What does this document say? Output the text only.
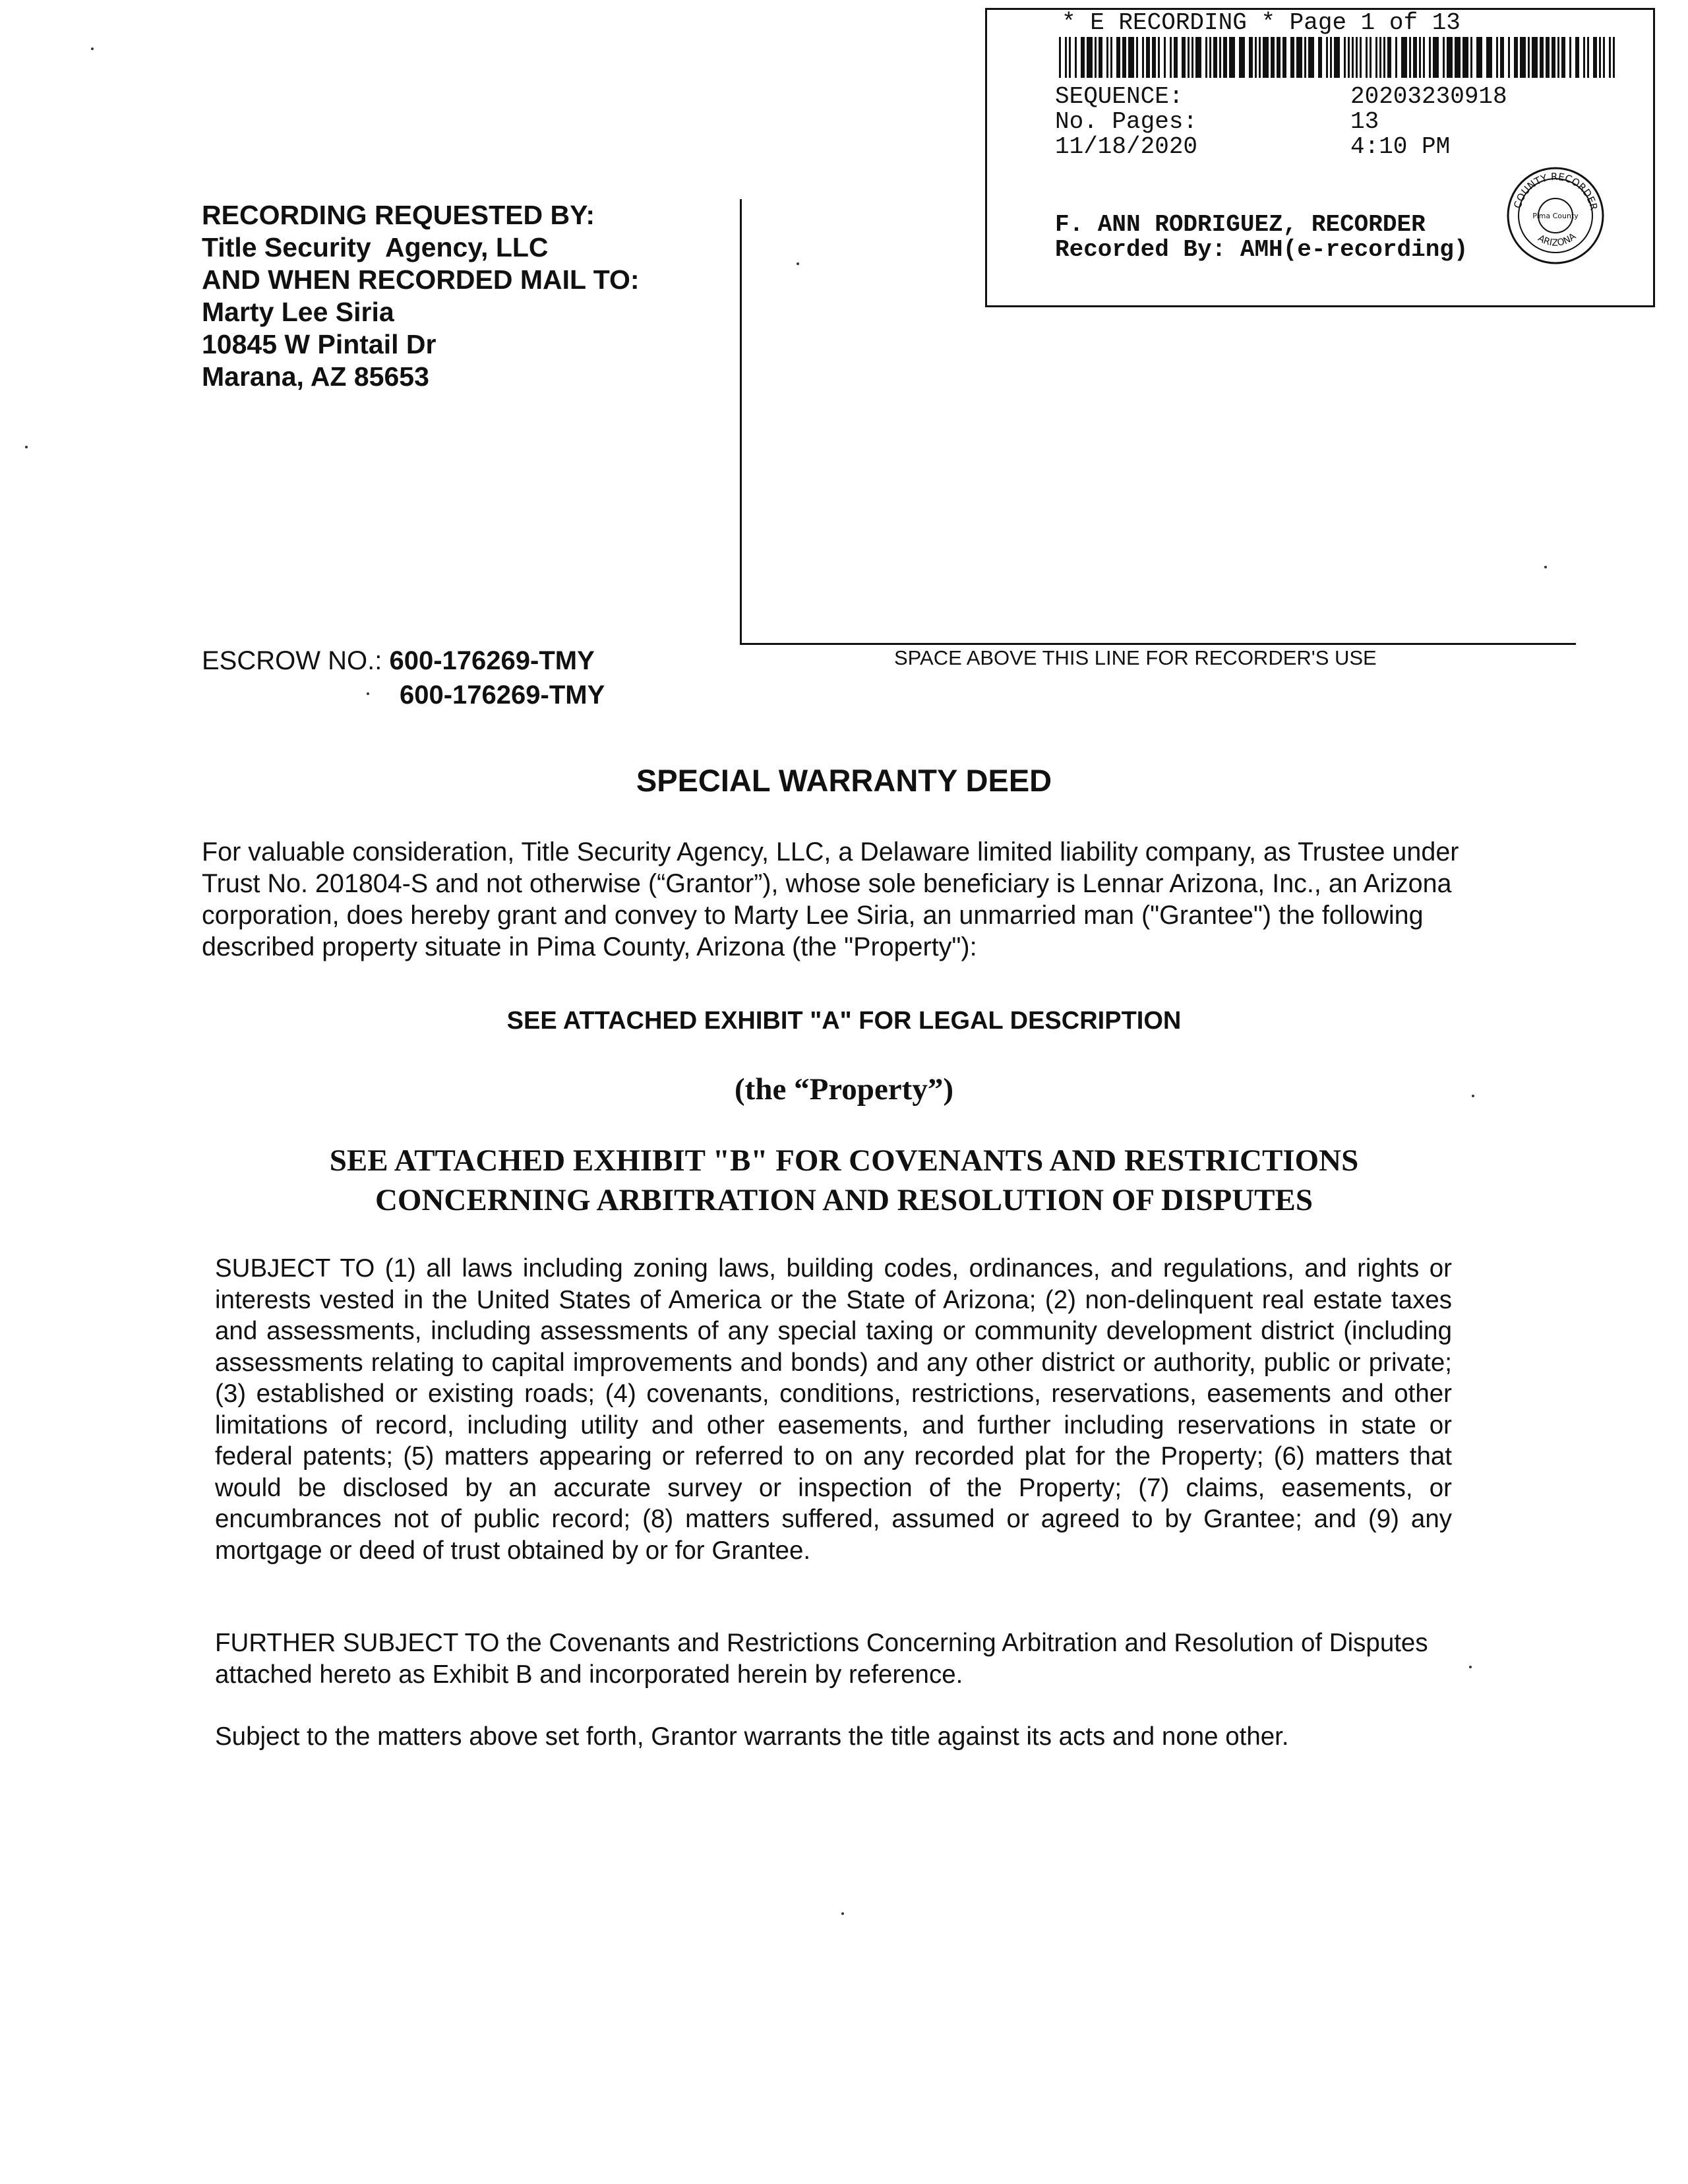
* E RECORDING * Page 1 of 13
SEQUENCE:	20203230918
No. Pages:	13
11/18/2020	4:10 PM
F. ANN RODRIGUEZ, RECORDER
Recorded By: AMH(e-recording)
COUNTY RECORDER
ARIZONA
Pima County
RECORDING REQUESTED BY:
Title Security  Agency, LLC
AND WHEN RECORDED MAIL TO:
Marty Lee Siria
10845 W Pintail Dr
Marana, AZ 85653
ESCROW NO.: 600-176269-TMY
600-176269-TMY
SPACE ABOVE THIS LINE FOR RECORDER'S USE
SPECIAL WARRANTY DEED
For valuable consideration, Title Security Agency, LLC, a Delaware limited liability company, as Trustee under Trust No. 201804-S and not otherwise (“Grantor”), whose sole beneficiary is Lennar Arizona, Inc., an Arizona corporation, does hereby grant and convey to Marty Lee Siria, an unmarried man ("Grantee") the following described property situate in Pima County, Arizona (the "Property"):
SEE ATTACHED EXHIBIT "A" FOR LEGAL DESCRIPTION
(the “Property”)
SEE ATTACHED EXHIBIT "B" FOR COVENANTS AND RESTRICTIONS
CONCERNING ARBITRATION AND RESOLUTION OF DISPUTES
SUBJECT TO (1) all laws including zoning laws, building codes, ordinances, and regulations, and rights or interests vested in the United States of America or the State of Arizona; (2) non-delinquent real estate taxes and assessments, including assessments of any special taxing or community development district (including assessments relating to capital improvements and bonds) and any other district or authority, public or private; (3) established or existing roads; (4) covenants, conditions, restrictions, reservations, easements and other limitations of record, including utility and other easements, and further including reservations in state or federal patents; (5) matters appearing or referred to on any recorded plat for the Property; (6) matters that would be disclosed by an accurate survey or inspection of the Property; (7) claims, easements, or encumbrances not of public record; (8) matters suffered, assumed or agreed to by Grantee; and (9) any mortgage or deed of trust obtained by or for Grantee.
FURTHER SUBJECT TO the Covenants and Restrictions Concerning Arbitration and Resolution of Disputes attached hereto as Exhibit B and incorporated herein by reference.
Subject to the matters above set forth, Grantor warrants the title against its acts and none other.
